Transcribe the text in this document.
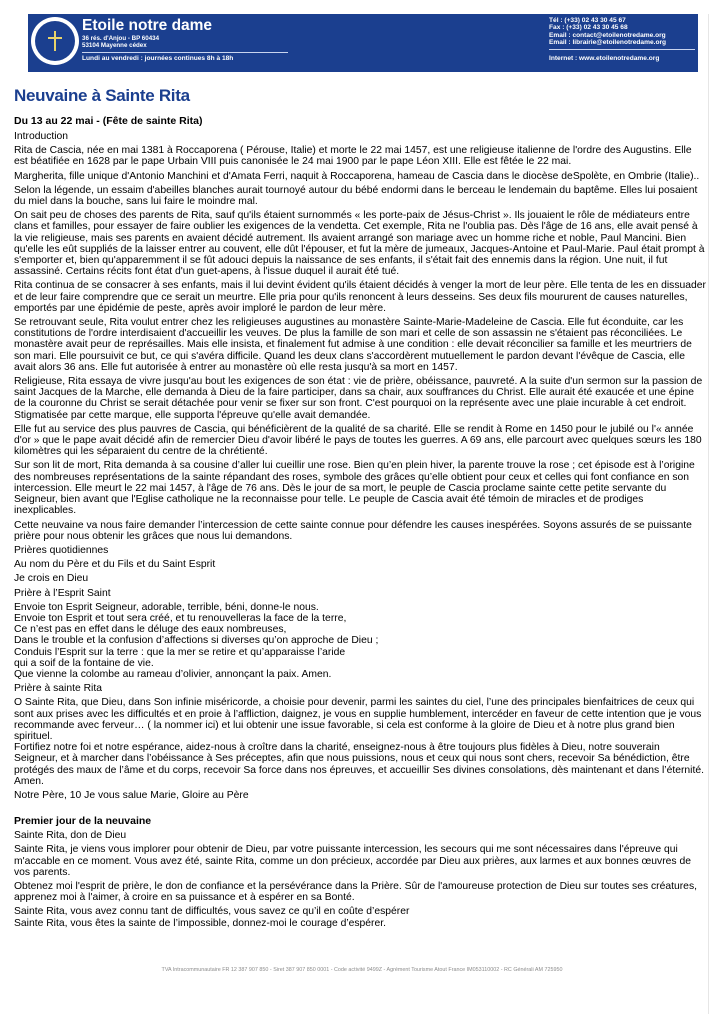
Etoile notre dame
36 rés. d'Anjou - BP 60434
53104 Mayenne cédex
Lundi au vendredi : journées continues 8h à 18h
Tél : (+33) 02 43 30 45 67
Fax : (+33) 02 43 30 45 68
Email : contact@etoilenotredame.org
Email : librairie@etoilenotredame.org
Internet : www.etoilenotredame.org
Neuvaine à Sainte Rita
Du 13 au 22 mai - (Fête de sainte Rita)

Introduction

Rita de Cascia, née en mai 1381 à Roccaporena ( Pérouse, Italie) et morte le 22 mai 1457, est une religieuse italienne de l'ordre des Augustins. Elle est béatifiée en 1628 par le pape Urbain VIII puis canonisée le 24 mai 1900 par le pape Léon XIII. Elle est fêtée le 22 mai.

Margherita, fille unique d'Antonio Manchini et d'Amata Ferri, naquit à Roccaporena, hameau de Cascia dans le diocèse deSpolète, en Ombrie (Italie)..

Selon la légende, un essaim d'abeilles blanches aurait tournoyé autour du bébé endormi dans le berceau le lendemain du baptême. Elles lui posaient du miel dans la bouche, sans lui faire le moindre mal.

On sait peu de choses des parents de Rita, sauf qu'ils étaient surnommés « les porte-paix de Jésus-Christ ». Ils jouaient le rôle de médiateurs entre clans et familles, pour essayer de faire oublier les exigences de la vendetta. Cet exemple, Rita ne l'oublia pas. Dès l'âge de 16 ans, elle avait pensé à la vie religieuse, mais ses parents en avaient décidé autrement. Ils avaient arrangé son mariage avec un homme riche et noble, Paul Mancini. Bien qu'elle les eût suppliés de la laisser entrer au couvent, elle dût l'épouser, et fut la mère de jumeaux, Jacques-Antoine et Paul-Marie. Paul était prompt à s'emporter et, bien qu'apparemment il se fût adouci depuis la naissance de ses enfants, il s'était fait des ennemis dans la région. Une nuit, il fut assassiné. Certains récits font état d'un guet-apens, à l'issue duquel il aurait été tué.

Rita continua de se consacrer à ses enfants, mais il lui devint évident qu'ils étaient décidés à venger la mort de leur père. Elle tenta de les en dissuader et de leur faire comprendre que ce serait un meurtre. Elle pria pour qu'ils renoncent à leurs desseins. Ses deux fils moururent de causes naturelles, emportés par une épidémie de peste, après avoir imploré le pardon de leur mère.

Se retrouvant seule, Rita voulut entrer chez les religieuses augustines au monastère Sainte-Marie-Madeleine de Cascia. Elle fut éconduite, car les constitutions de l'ordre interdisaient d'accueillir les veuves. De plus la famille de son mari et celle de son assassin ne s'étaient pas réconciliées. Le monastère avait peur de représailles. Mais elle insista, et finalement fut admise à une condition : elle devait réconcilier sa famille et les meurtriers de son mari. Elle poursuivit ce but, ce qui s'avéra difficile. Quand les deux clans s'accordèrent mutuellement le pardon devant l'évêque de Cascia, elle avait alors 36 ans. Elle fut autorisée à entrer au monastère où elle resta jusqu'à sa mort en 1457.

Religieuse, Rita essaya de vivre jusqu'au bout les exigences de son état : vie de prière, obéissance, pauvreté. A la suite d'un sermon sur la passion de saint Jacques de la Marche, elle demanda à Dieu de la faire participer, dans sa chair, aux souffrances du Christ. Elle aurait été exaucée et une épine de la couronne du Christ se serait détachée pour venir se fixer sur son front. C'est pourquoi on la représente avec une plaie incurable à cet endroit. Stigmatisée par cette marque, elle supporta l'épreuve qu'elle avait demandée.

Elle fut au service des plus pauvres de Cascia, qui bénéficièrent de la qualité de sa charité. Elle se rendit à Rome en 1450 pour le jubilé ou l'« année d'or » que le pape avait décidé afin de remercier Dieu d'avoir libéré le pays de toutes les guerres. A 69 ans, elle parcourt avec quelques sœurs les 180 kilomètres qui les séparaient du centre de la chrétienté.

Sur son lit de mort, Rita demanda à sa cousine d’aller lui cueillir une rose. Bien qu’en plein hiver, la parente trouve la rose ; cet épisode est à l’origine des nombreuses représentations de la sainte répandant des roses, symbole des grâces qu’elle obtient pour ceux et celles qui font confiance en son intercession. Elle meurt le 22 mai 1457, à l'âge de 76 ans. Dès le jour de sa mort, le peuple de Cascia proclame sainte cette petite servante du Seigneur, bien avant que l'Eglise catholique ne la reconnaisse pour telle. Le peuple de Cascia avait été témoin de miracles et de prodiges inexplicables.

Cette neuvaine va nous faire demander l’intercession de cette sainte connue pour défendre les causes inespérées. Soyons assurés de se puissante prière pour nous obtenir les grâces que nous lui demandons.

Prières quotidiennes

Au nom du Père et du Fils et du Saint Esprit

Je crois en Dieu

Prière à l’Esprit Saint

Envoie ton Esprit Seigneur, adorable, terrible, béni, donne-le nous.
Envoie ton Esprit et tout sera créé, et tu renouvelleras la face de la terre,
Ce n’est pas en effet dans le déluge des eaux nombreuses,
Dans le trouble et la confusion d’affections si diverses qu’on approche de Dieu ;
Conduis l’Esprit sur la terre : que la mer se retire et qu’apparaisse l’aride
qui a soif de la fontaine de vie.
Que vienne la colombe au rameau d’olivier, annonçant la paix. Amen.

Prière à sainte Rita

O Sainte Rita, que Dieu, dans Son infinie miséricorde, a choisie pour devenir, parmi les saintes du ciel, l’une des principales bienfaitrices de ceux qui sont aux prises avec les difficultés et en proie à l’affliction, daignez, je vous en supplie humblement, intercéder en faveur de cette intention que je vous recommande avec ferveur… ( la nommer ici) et lui obtenir une issue favorable, si cela est conforme à la gloire de Dieu et à notre plus grand bien spirituel.
Fortifiez notre foi et notre espérance, aidez-nous à croître dans la charité, enseignez-nous à être toujours plus fidèles à Dieu, notre souverain Seigneur, et à marcher dans l’obéissance à Ses préceptes, afin que nous puissions, nous et ceux qui nous sont chers, recevoir Sa bénédiction, être protégés des maux de l’âme et du corps, recevoir Sa force dans nos épreuves, et accueillir Ses divines consolations, dès maintenant et dans l’éternité. Amen.

Notre Père, 10 Je vous salue Marie, Gloire au Père

Premier jour de la neuvaine

Sainte Rita, don de Dieu

Sainte Rita, je viens vous implorer pour obtenir de Dieu, par votre puissante intercession, les secours qui me sont nécessaires dans l'épreuve qui m'accable en ce moment. Vous avez été, sainte Rita, comme un don précieux, accordée par Dieu aux prières, aux larmes et aux bonnes œuvres de vos parents.

Obtenez moi l'esprit de prière, le don de confiance et la persévérance dans la Prière. Sûr de l'amoureuse protection de Dieu sur toutes ses créatures, apprenez moi à l'aimer, à croire en sa puissance et à espérer en sa Bonté.

Sainte Rita, vous avez connu tant de difficultés, vous savez ce qu’il en coûte d’espérer
Sainte Rita, vous êtes la sainte de l’impossible, donnez-moi le courage d’espérer.

TVA Intracommunautaire FR 12 387 907 850 - Siret 387 907 850 0001 - Code activité 9499Z - Agrément Tourisme Atout France IM053110002 - RC Générali AM 725950
